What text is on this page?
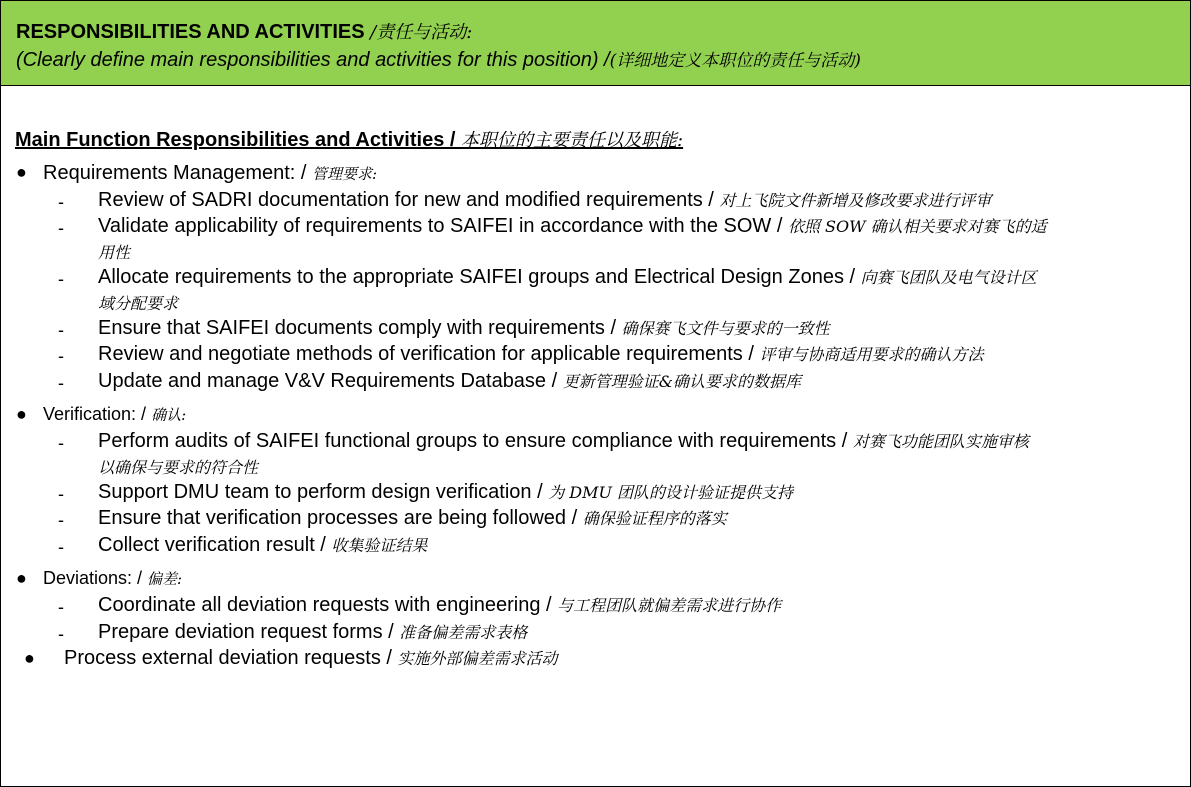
RESPONSIBILITIES AND ACTIVITIES /责任与活动:
(Clearly define main responsibilities and activities for this position) /(详细地定义本职位的责任与活动)
Main Function Responsibilities and Activities / 本职位的主要责任以及职能:
● Requirements Management: / 管理要求:
- Review of SADRI documentation for new and modified requirements / 对上飞院文件新增及修改要求进行评审
- Validate applicability of requirements to SAIFEI in accordance with the SOW / 依照 SOW 确认相关要求对赛飞的适
用性
- Allocate requirements to the appropriate SAIFEI groups and Electrical Design Zones / 向赛飞团队及电气设计区
域分配要求
- Ensure that SAIFEI documents comply with requirements / 确保赛飞文件与要求的一致性
- Review and negotiate methods of verification for applicable requirements / 评审与协商适用要求的确认方法
- Update and manage V&V Requirements Database / 更新管理验证&确认要求的数据库
● Verification: / 确认:
- Perform audits of SAIFEI functional groups to ensure compliance with requirements / 对赛飞功能团队实施审核
以确保与要求的符合性
- Support DMU team to perform design verification / 为 DMU 团队的设计验证提供支持
- Ensure that verification processes are being followed / 确保验证程序的落实
- Collect verification result / 收集验证结果
● Deviations: / 偏差:
- Coordinate all deviation requests with engineering / 与工程团队就偏差需求进行协作
- Prepare deviation request forms / 准备偏差需求表格
● Process external deviation requests / 实施外部偏差需求活动
